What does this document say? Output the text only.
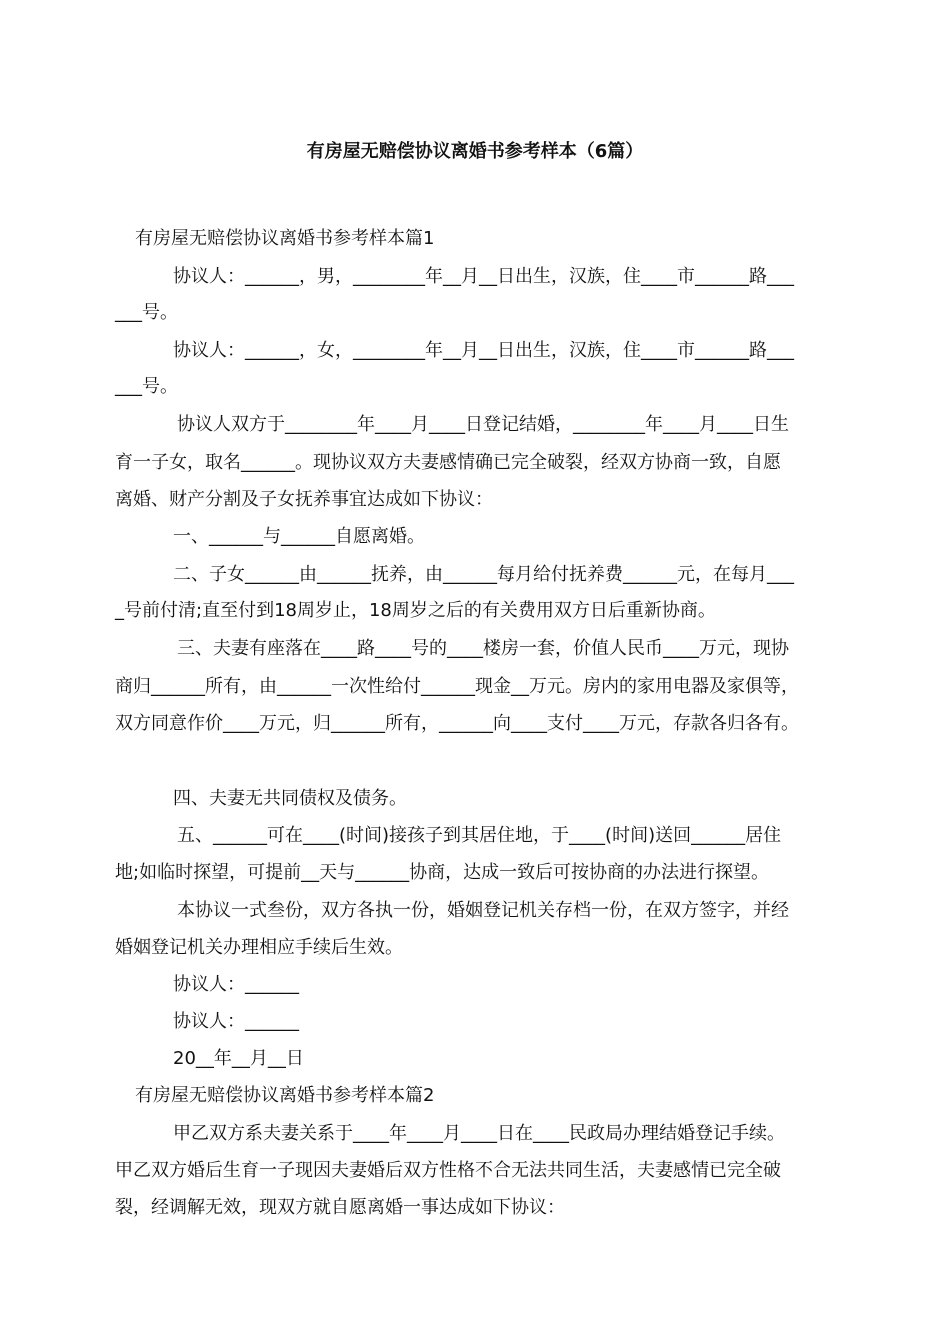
有房屋无赔偿协议离婚书参考样本（6篇）
有房屋无赔偿协议离婚书参考样本篇1
协议人：______，男，________年__月__日出生，汉族，住____市______路___
___号。
协议人：______，女，________年__月__日出生，汉族，住____市______路___
___号。
协议人双方于________年____月____日登记结婚，________年____月____日生
育一子女，取名______。现协议双方夫妻感情确已完全破裂，经双方协商一致，自愿
离婚、财产分割及子女抚养事宜达成如下协议：
一、______与______自愿离婚。
二、子女______由______抚养，由______每月给付抚养费______元，在每月___
_号前付清;直至付到18周岁止，18周岁之后的有关费用双方日后重新协商。
三、夫妻有座落在____路____号的____楼房一套，价值人民币____万元，现协
商归______所有，由______一次性给付______现金__万元。房内的家用电器及家俱等，
双方同意作价____万元，归______所有，______向____支付____万元，存款各归各有。
四、夫妻无共同债权及债务。
五、______可在____(时间)接孩子到其居住地，于____(时间)送回______居住
地;如临时探望，可提前__天与______协商，达成一致后可按协商的办法进行探望。
本协议一式叁份，双方各执一份，婚姻登记机关存档一份，在双方签字，并经
婚姻登记机关办理相应手续后生效。
协议人：______
协议人：______
20__年__月__日
有房屋无赔偿协议离婚书参考样本篇2
甲乙双方系夫妻关系于____年____月____日在____民政局办理结婚登记手续。
甲乙双方婚后生育一子现因夫妻婚后双方性格不合无法共同生活，夫妻感情已完全破
裂，经调解无效，现双方就自愿离婚一事达成如下协议：
